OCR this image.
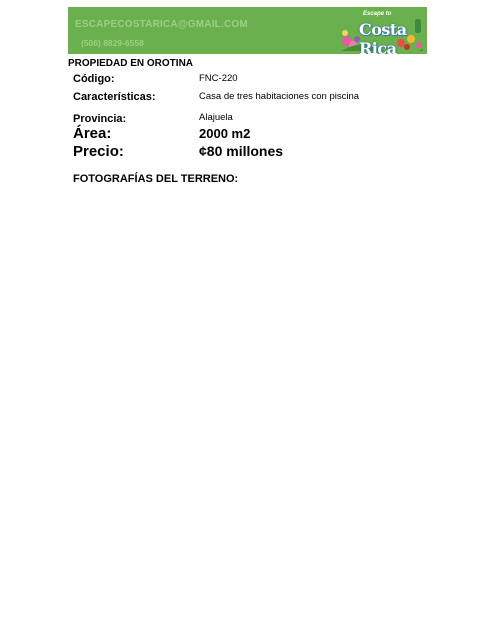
ESCAPECOSTARICA@GMAIL.COM
(506) 8829-6558
Escape to
Costa Rica
PROPIEDAD EN OROTINA
Código:	FNC-220
Características:	Casa de tres habitaciones con piscina
Provincia:	Alajuela
Área:	2000 m2
Precio:	¢80 millones
FOTOGRAFÍAS DEL TERRENO:
